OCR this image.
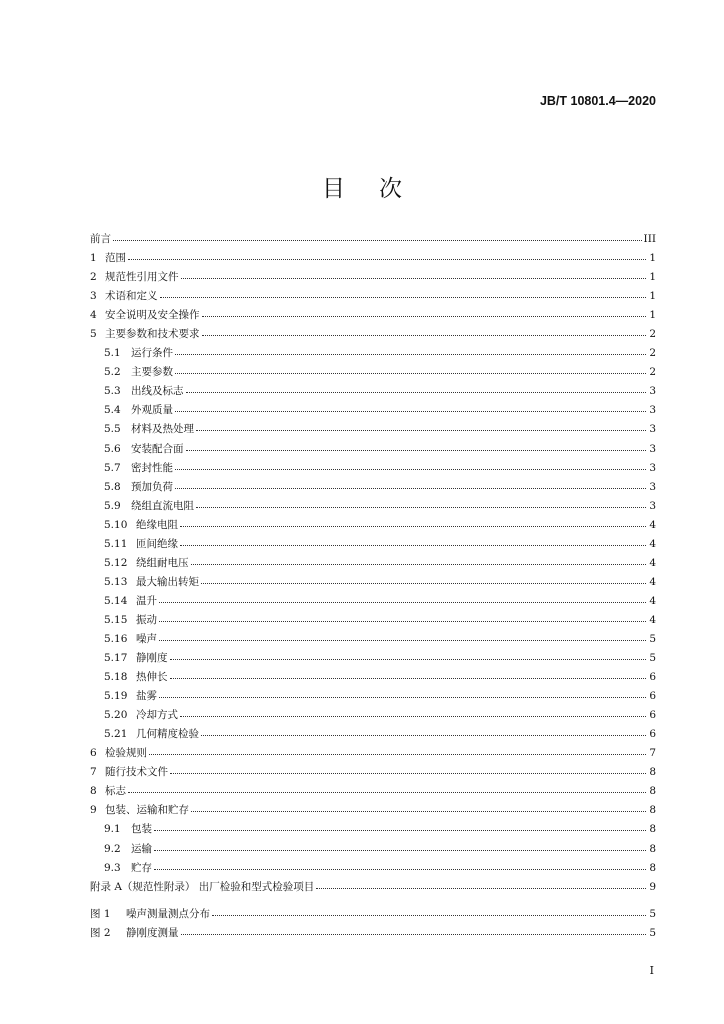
JB/T 10801.4—2020
目次
前言	III
1 范围	1
2 规范性引用文件	1
3 术语和定义	1
4 安全说明及安全操作	1
5 主要参数和技术要求	2
5.1 运行条件	2
5.2 主要参数	2
5.3 出线及标志	3
5.4 外观质量	3
5.5 材料及热处理	3
5.6 安装配合面	3
5.7 密封性能	3
5.8 预加负荷	3
5.9 绕组直流电阻	3
5.10 绝缘电阻	4
5.11 匝间绝缘	4
5.12 绕组耐电压	4
5.13 最大输出转矩	4
5.14 温升	4
5.15 振动	4
5.16 噪声	5
5.17 静刚度	5
5.18 热伸长	6
5.19 盐雾	6
5.20 冷却方式	6
5.21 几何精度检验	6
6 检验规则	7
7 随行技术文件	8
8 标志	8
9 包装、运输和贮存	8
9.1 包装	8
9.2 运输	8
9.3 贮存	8
附录 A（规范性附录） 出厂检验和型式检验项目	9
图 1	噪声测量测点分布	5
图 2	静刚度测量	5
I
